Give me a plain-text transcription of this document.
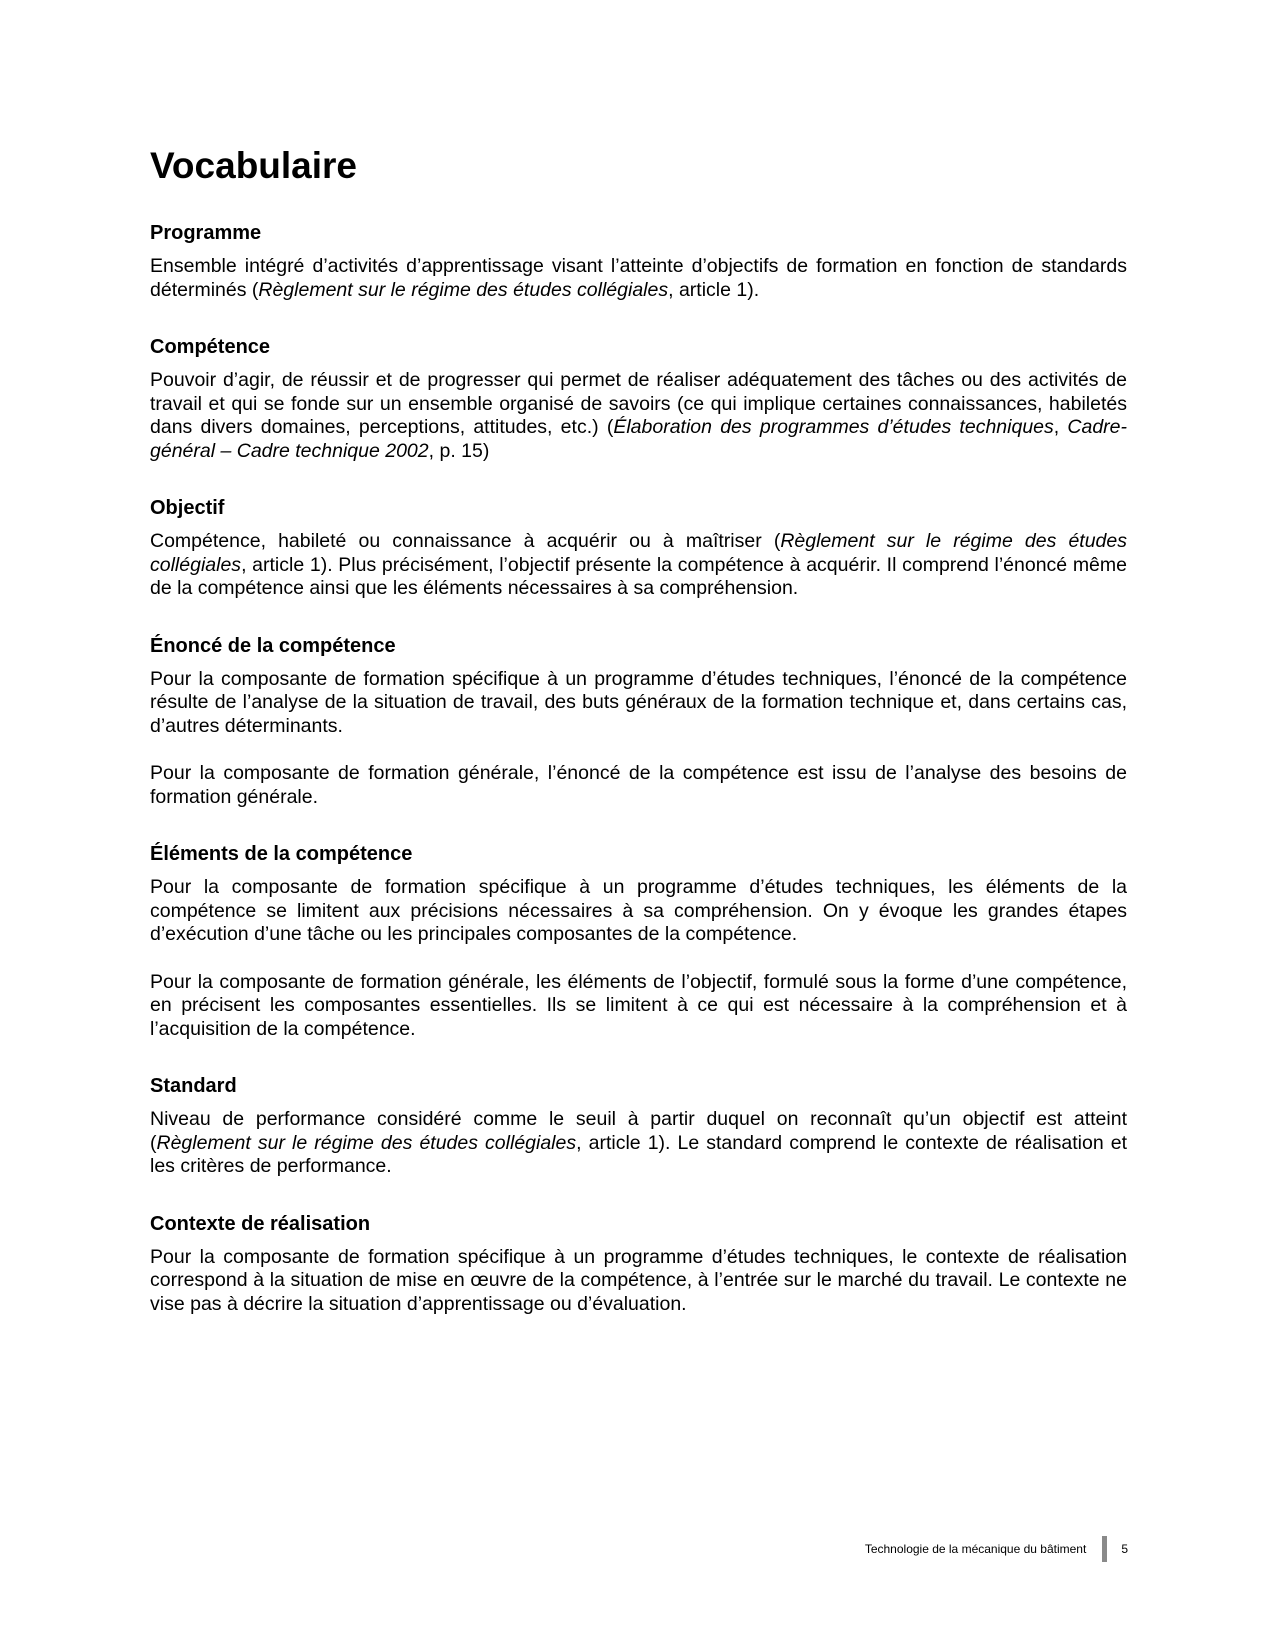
Vocabulaire
Programme

Ensemble intégré d’activités d’apprentissage visant l’atteinte d’objectifs de formation en fonction de standards déterminés (Règlement sur le régime des études collégiales, article 1).

Compétence

Pouvoir d’agir, de réussir et de progresser qui permet de réaliser adéquatement des tâches ou des activités de travail et qui se fonde sur un ensemble organisé de savoirs (ce qui implique certaines connaissances, habiletés dans divers domaines, perceptions, attitudes, etc.) (Élaboration des programmes d’études techniques, Cadre-général – Cadre technique 2002, p. 15)

Objectif

Compétence, habileté ou connaissance à acquérir ou à maîtriser (Règlement sur le régime des études collégiales, article 1). Plus précisément, l’objectif présente la compétence à acquérir. Il comprend l’énoncé même de la compétence ainsi que les éléments nécessaires à sa compréhension.

Énoncé de la compétence

Pour la composante de formation spécifique à un programme d’études techniques, l’énoncé de la compétence résulte de l’analyse de la situation de travail, des buts généraux de la formation technique et, dans certains cas, d’autres déterminants.

Pour la composante de formation générale, l’énoncé de la compétence est issu de l’analyse des besoins de formation générale.

Éléments de la compétence

Pour la composante de formation spécifique à un programme d’études techniques, les éléments de la compétence se limitent aux précisions nécessaires à sa compréhension. On y évoque les grandes étapes d’exécution d’une tâche ou les principales composantes de la compétence.

Pour la composante de formation générale, les éléments de l’objectif, formulé sous la forme d’une compétence, en précisent les composantes essentielles. Ils se limitent à ce qui est nécessaire à la compréhension et à l’acquisition de la compétence.

Standard

Niveau de performance considéré comme le seuil à partir duquel on reconnaît qu’un objectif est atteint (Règlement sur le régime des études collégiales, article 1). Le standard comprend le contexte de réalisation et les critères de performance.

Contexte de réalisation

Pour la composante de formation spécifique à un programme d’études techniques, le contexte de réalisation correspond à la situation de mise en œuvre de la compétence, à l’entrée sur le marché du travail. Le contexte ne vise pas à décrire la situation d’apprentissage ou d’évaluation.

Technologie de la mécanique du bâtiment	5
